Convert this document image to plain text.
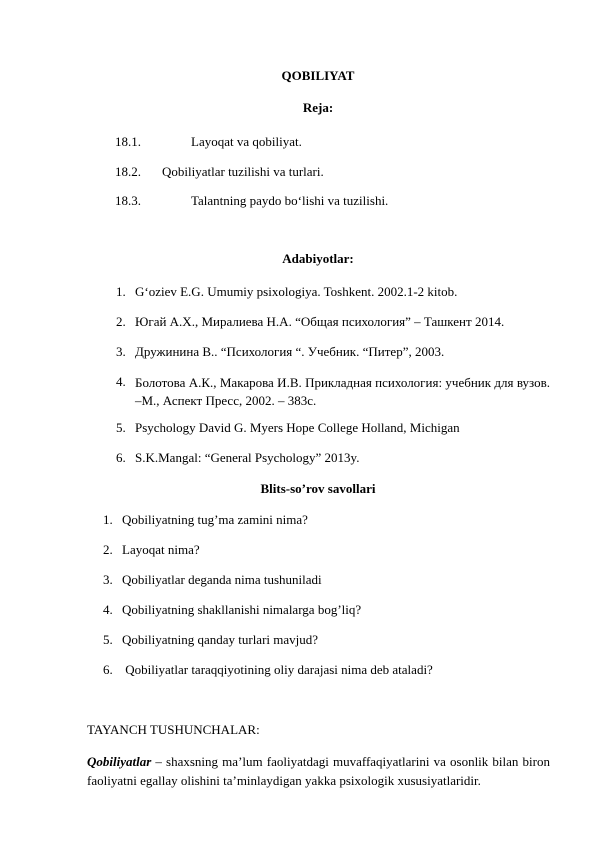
QOBILIYAT
Reja:
18.1.	Layoqat va qobiliyat.
18.2. Qobiliyatlar tuzilishi va turlari.
18.3.	Talantning paydo bo‘lishi va tuzilishi.
Adabiyotlar:
1. G‘oziev E.G. Umumiy psixologiya. Toshkent. 2002.1-2 kitob.
2. Югай А.Х., Миралиева Н.А. “Общая психология” – Ташкент 2014.
3. Дружинина В.. “Психология “. Учебник. “Питер”, 2003.
4. Болотова А.К., Макарова И.В. Прикладная психология: учебник для вузов. –М., Аспект Пресс, 2002. – 383с.
5. Psychology David G. Myers Hope College Holland, Michigan
6. S.K.Mangal: “General Psychology” 2013y.
Blits-so’rov savollari
1. Qobiliyatning tug’ma zamini nima?
2. Layoqat nima?
3. Qobiliyatlar deganda nima tushuniladi
4. Qobiliyatning shakllanishi nimalarga bog’liq?
5. Qobiliyatning qanday turlari mavjud?
6. Qobiliyatlar taraqqiyotining oliy darajasi nima deb ataladi?
TAYANCH TUSHUNCHALAR:
Qobiliyatlar – shaxsning ma’lum faoliyatdagi muvaffaqiyatlarini va osonlik bilan biron faoliyatni egallay olishini ta’minlaydigan yakka psixologik xususiyatlaridir.
